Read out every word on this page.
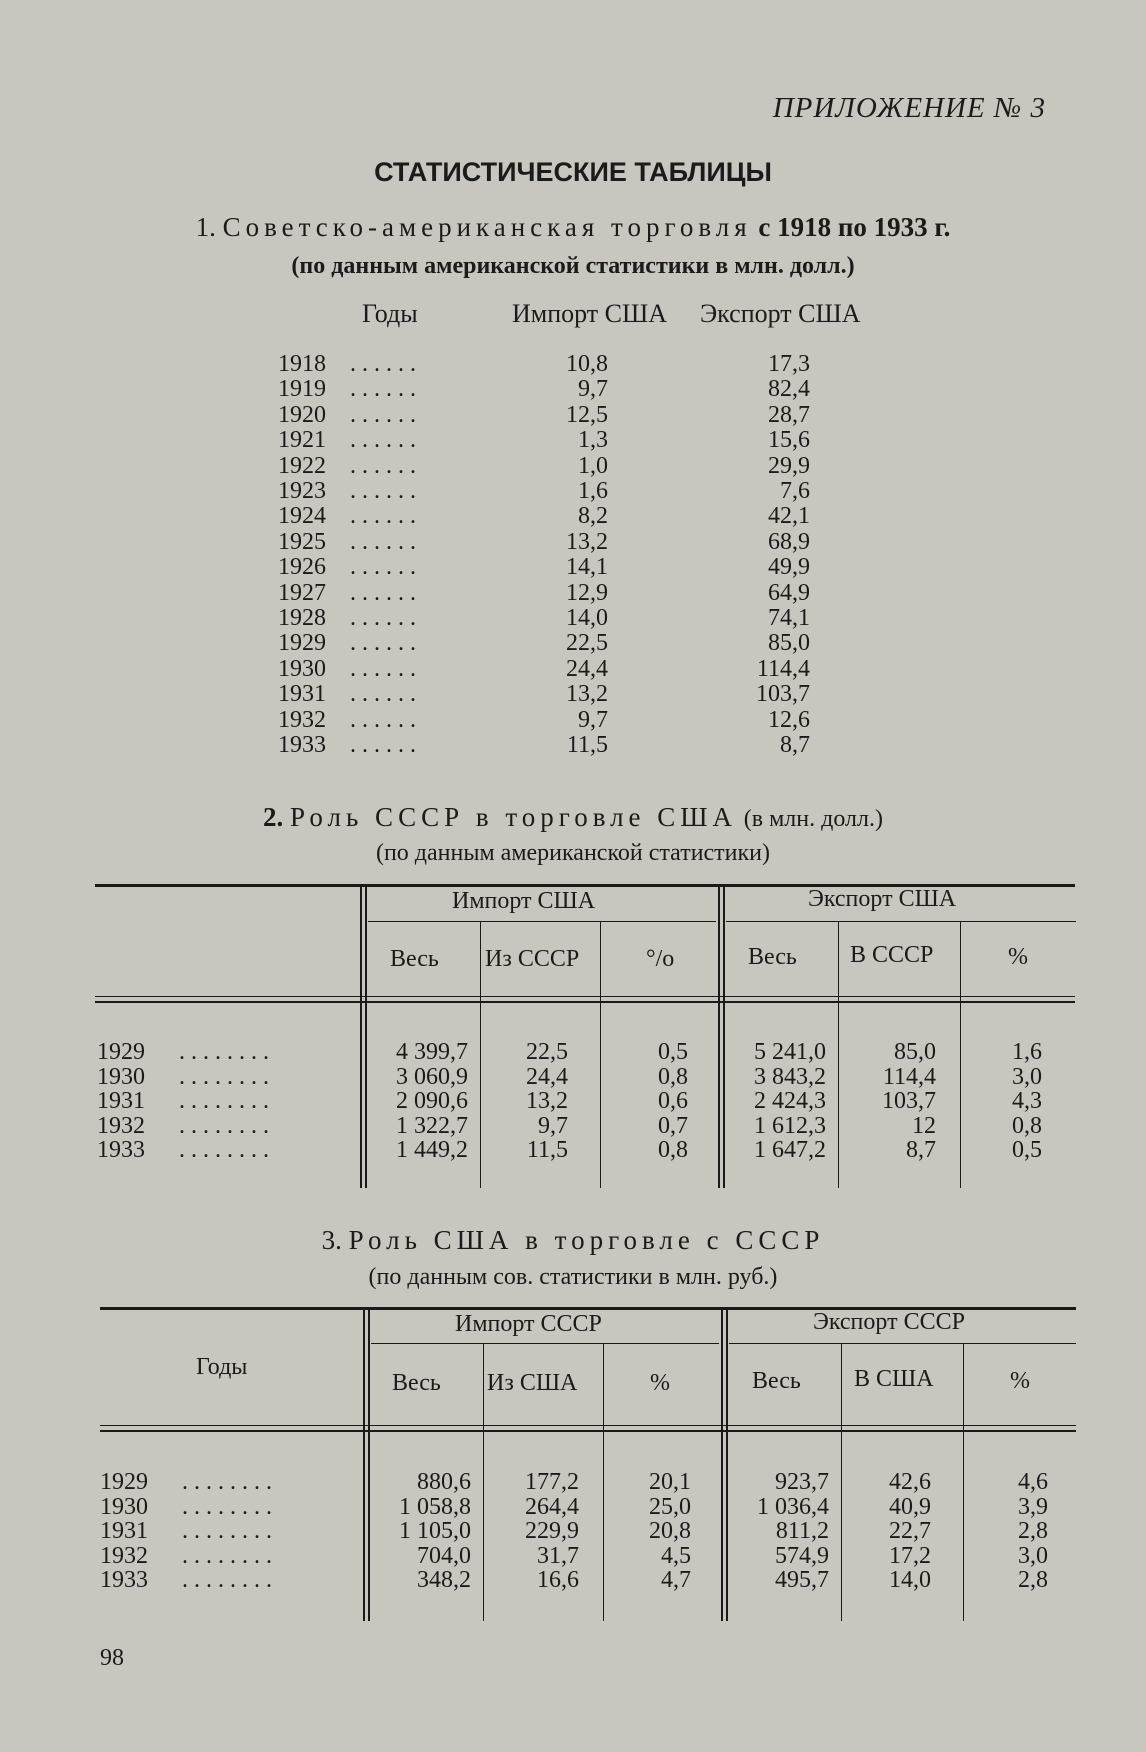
ПРИЛОЖЕНИЕ № 3
СТАТИСТИЧЕСКИЕ ТАБЛИЦЫ
1. Советско-американская торговля с 1918 по 1933 г.
(по данным американской статистики в млн. долл.)
Годы	Импорт США Экспорт США
1918 ......	10,8	17,3
1919 ......	9,7	82,4
1920 ......	12,5	28,7
1921 ......	1,3	15,6
1922 ......	1,0	29,9
1923 ......	1,6	7,6
1924 ......	8,2	42,1
1925 ......	13,2	68,9
1926 ......	14,1	49,9
1927 ......	12,9	64,9
1928 ......	14,0	74,1
1929 ......	22,5	85,0
1930 ......	24,4	114,4
1931 ......	13,2	103,7
1932 ......	9,7	12,6
1933 ......	11,5	8,7
2. Роль СССР в торговле США (в млн. долл.)
(по данным американской статистики)
Импорт США	Экспорт США
Весь Из СССР	°/o	Весь В СССР	%
1929 ........	4 399,7	22,5	0,5	5 241,0	85,0	1,6
1930 ........	3 060,9	24,4	0,8	3 843,2	114,4	3,0
1931 ........	2 090,6	13,2	0,6	2 424,3	103,7	4,3
1932 ........	1 322,7	9,7	0,7	1 612,3	12	0,8
1933 ........	1 449,2	11,5	0,8	1 647,2	8,7	0,5
3. Роль США в торговле с СССР
(по данным сов. статистики в млн. руб.)
Годы
Импорт СССР	Экспорт СССР
Весь Из США	%	Весь В США	%
1929 ........	880,6	177,2	20,1	923,7	42,6	4,6
1930 ........	1 058,8	264,4	25,0	1 036,4	40,9	3,9
1931 ........	1 105,0	229,9	20,8	811,2	22,7	2,8
1932 ........	704,0	31,7	4,5	574,9	17,2	3,0
1933 ........	348,2	16,6	4,7	495,7	14,0	2,8
98
